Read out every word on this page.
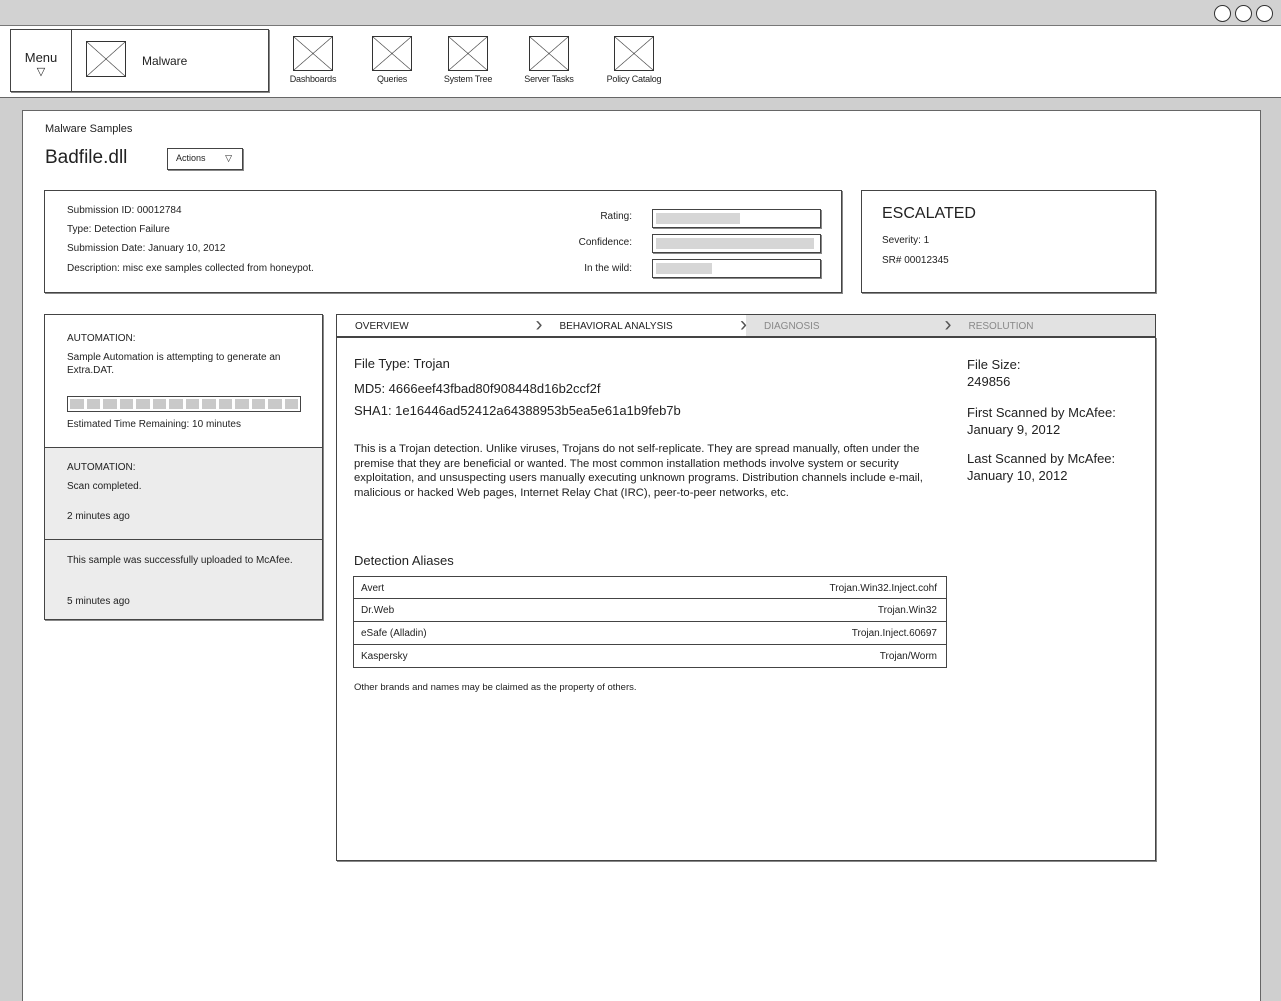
Menu
▽
Malware
Dashboards	Queries	System Tree	Server Tasks	Policy Catalog
Malware Samples
Badfile.dll	Actions ▽
Submission ID: 00012784
Type: Detection Failure
Submission Date: January 10, 2012
Description: misc exe samples collected from honeypot.
Rating:
Confidence:
In the wild:
ESCALATED
Severity: 1
SR# 00012345
AUTOMATION:
Sample Automation is attempting to generate an Extra.DAT.
Estimated Time Remaining: 10 minutes
AUTOMATION:
Scan completed.
2 minutes ago
This sample was successfully uploaded to McAfee.
5 minutes ago
OVERVIEW	›	BEHAVIORAL ANALYSIS	›	DIAGNOSIS	›	RESOLUTION
File Type: Trojan
MD5: 4666eef43fbad80f908448d16b2ccf2f
SHA1: 1e16446ad52412a64388953b5ea5e61a1b9feb7b
This is a Trojan detection. Unlike viruses, Trojans do not self-replicate. They are spread manually, often under the premise that they are beneficial or wanted. The most common installation methods involve system or security exploitation, and unsuspecting users manually executing unknown programs. Distribution channels include e-mail, malicious or hacked Web pages, Internet Relay Chat (IRC), peer-to-peer networks, etc.
Detection Aliases
Avert	Trojan.Win32.Inject.cohf
Dr.Web	Trojan.Win32
eSafe (Alladin)	Trojan.Inject.60697
Kaspersky	Trojan/Worm
Other brands and names may be claimed as the property of others.
File Size:
249856
First Scanned by McAfee:
January 9, 2012
Last Scanned by McAfee:
January 10, 2012
